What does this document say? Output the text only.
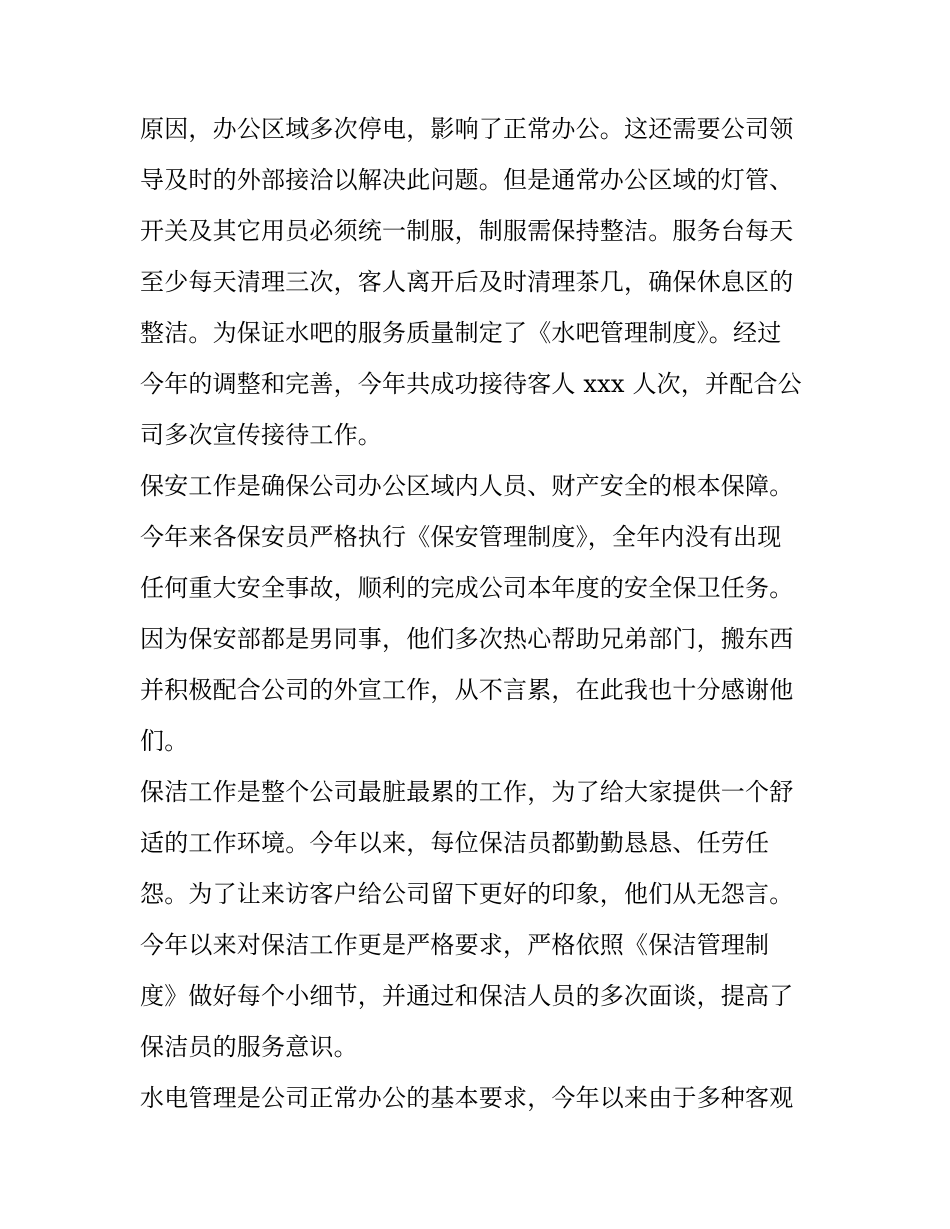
原因，办公区域多次停电，影响了正常办公。这还需要公司领
导及时的外部接洽以解决此问题。但是通常办公区域的灯管、
开关及其它用员必须统一制服，制服需保持整洁。服务台每天
至少每天清理三次，客人离开后及时清理茶几，确保休息区的
整洁。为保证水吧的服务质量制定了《水吧管理制度》。经过
今年的调整和完善，今年共成功接待客人 xxx 人次，并配合公
司多次宣传接待工作。
保安工作是确保公司办公区域内人员、财产安全的根本保障。
今年来各保安员严格执行《保安管理制度》，全年内没有出现
任何重大安全事故，顺利的完成公司本年度的安全保卫任务。
因为保安部都是男同事，他们多次热心帮助兄弟部门，搬东西
并积极配合公司的外宣工作，从不言累，在此我也十分感谢他
们。
保洁工作是整个公司最脏最累的工作，为了给大家提供一个舒
适的工作环境。今年以来，每位保洁员都勤勤恳恳、任劳任
怨。为了让来访客户给公司留下更好的印象，他们从无怨言。
今年以来对保洁工作更是严格要求，严格依照《保洁管理制
度》做好每个小细节，并通过和保洁人员的多次面谈，提高了
保洁员的服务意识。
水电管理是公司正常办公的基本要求，今年以来由于多种客观
